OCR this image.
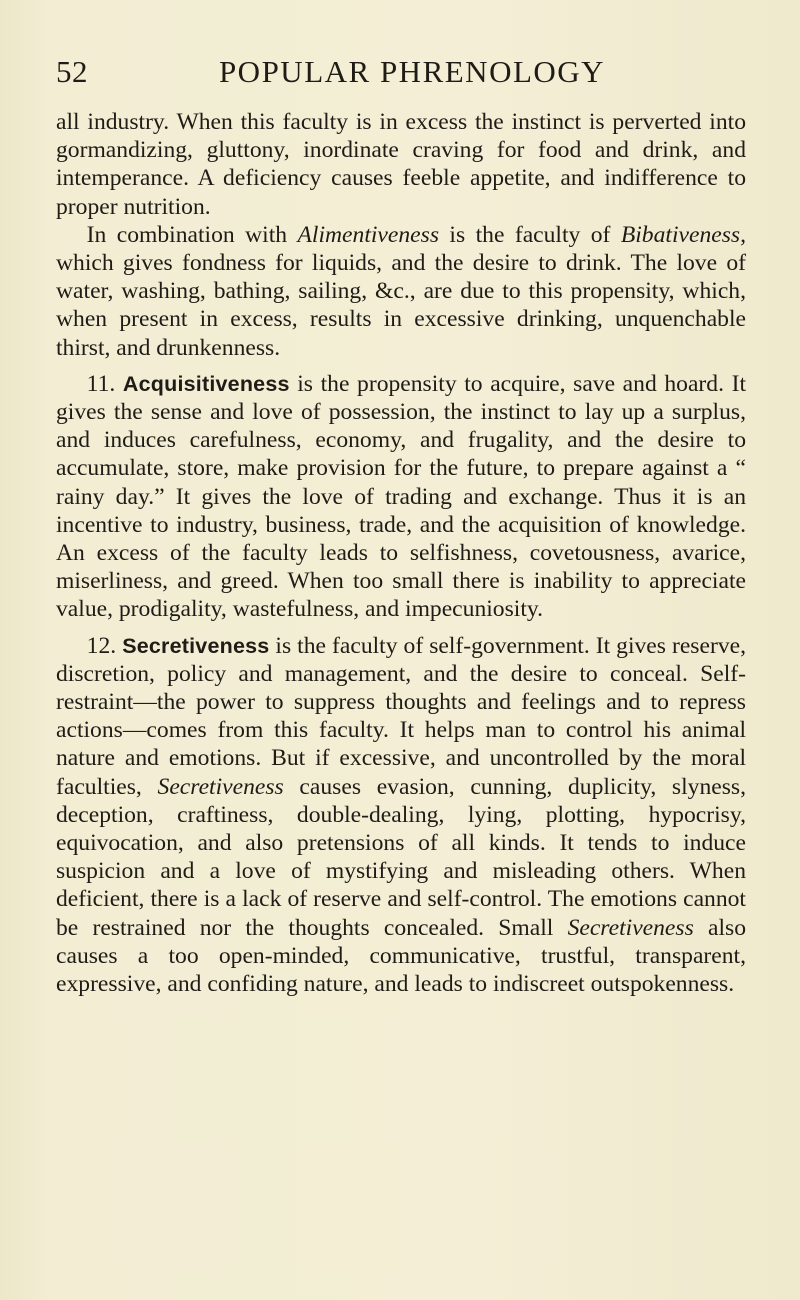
52	POPULAR PHRENOLOGY

all industry. When this faculty is in excess the instinct is perverted into gormandizing, gluttony, inordinate craving for food and drink, and intemperance. A deficiency causes feeble appetite, and indifference to proper nutrition.

In combination with Alimentiveness is the faculty of Bibativeness, which gives fondness for liquids, and the desire to drink. The love of water, washing, bathing, sailing, &c., are due to this propensity, which, when present in excess, results in excessive drinking, unquenchable thirst, and drunkenness.

11. Acquisitiveness is the propensity to acquire, save and hoard. It gives the sense and love of possession, the instinct to lay up a surplus, and induces carefulness, economy, and frugality, and the desire to accumulate, store, make provision for the future, to prepare against a “ rainy day.” It gives the love of trading and exchange. Thus it is an incentive to industry, business, trade, and the acquisition of knowledge. An excess of the faculty leads to selfishness, covetousness, avarice, miserliness, and greed. When too small there is inability to appreciate value, prodigality, wastefulness, and impecuniosity.

12. Secretiveness is the faculty of self-government. It gives reserve, discretion, policy and management, and the desire to conceal. Self-restraint—the power to suppress thoughts and feelings and to repress actions—comes from this faculty. It helps man to control his animal nature and emotions. But if excessive, and uncontrolled by the moral faculties, Secretiveness causes evasion, cunning, duplicity, slyness, deception, craftiness, double-dealing, lying, plotting, hypocrisy, equivocation, and also pretensions of all kinds. It tends to induce suspicion and a love of mystifying and misleading others. When deficient, there is a lack of reserve and self-control. The emotions cannot be restrained nor the thoughts concealed. Small Secretiveness also causes a too open-minded, communicative, trustful, transparent, expressive, and confiding nature, and leads to indiscreet outspokenness.
